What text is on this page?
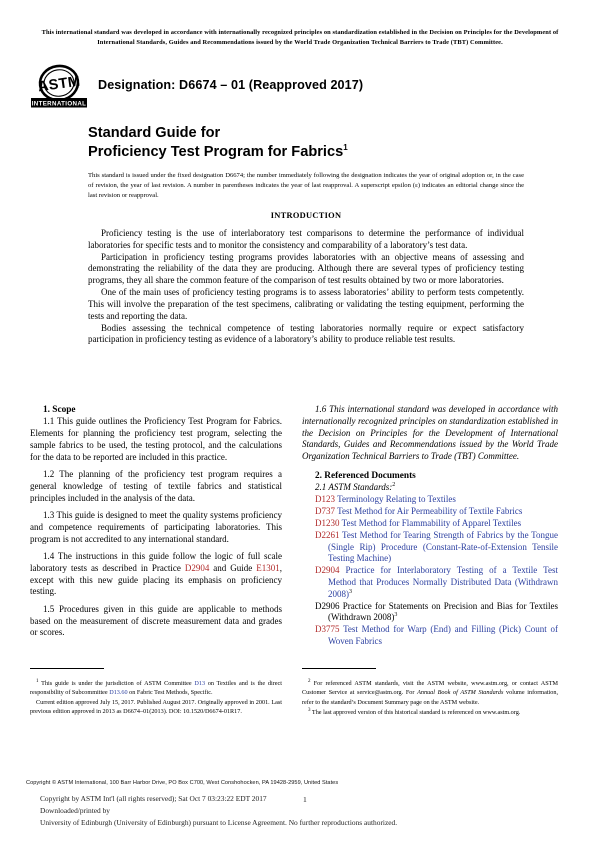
This international standard was developed in accordance with internationally recognized principles on standardization established in the Decision on Principles for the Development of International Standards, Guides and Recommendations issued by the World Trade Organization Technical Barriers to Trade (TBT) Committee.
ASTM
INTERNATIONAL
Designation: D6674 – 01 (Reapproved 2017)
Standard Guide for
Proficiency Test Program for Fabrics$^1$
This standard is issued under the fixed designation D6674; the number immediately following the designation indicates the year of original adoption or, in the case of revision, the year of last revision. A number in parentheses indicates the year of last reapproval. A superscript epsilon (ε) indicates an editorial change since the last revision or reapproval.
INTRODUCTION

Proficiency testing is the use of interlaboratory test comparisons to determine the performance of individual laboratories for specific tests and to monitor the consistency and comparability of a laboratory’s test data.

Participation in proficiency testing programs provides laboratories with an objective means of assessing and demonstrating the reliability of the data they are producing. Although there are several types of proficiency testing programs, they all share the common feature of the comparison of test results obtained by two or more laboratories.

One of the main uses of proficiency testing programs is to assess laboratories’ ability to perform tests competently. This will involve the preparation of the test specimens, calibrating or validating the testing equipment, performing the tests and reporting the data.

Bodies assessing the technical competence of testing laboratories normally require or expect satisfactory participation in proficiency testing as evidence of a laboratory’s ability to produce reliable test results.

1. Scope

1.1 This guide outlines the Proficiency Test Program for Fabrics. Elements for planning the proficiency test program, selecting the sample fabrics to be used, the testing protocol, and the calculations for the data to be reported are included in this practice.

1.2 The planning of the proficiency test program requires a general knowledge of testing of textile fabrics and statistical principles included in the analysis of the data.

1.3 This guide is designed to meet the quality systems proficiency and competence requirements of participating laboratories. This program is not accredited to any international standard.

1.4 The instructions in this guide follow the logic of full scale laboratory tests as described in Practice D2904 and Guide E1301, except with this new guide placing its emphasis on proficiency testing.

1.5 Procedures given in this guide are applicable to methods based on the measurement of discrete measurement data and grades or scores.

1.6 This international standard was developed in accordance with internationally recognized principles on standardization established in the Decision on Principles for the Development of International Standards, Guides and Recommendations issued by the World Trade Organization Technical Barriers to Trade (TBT) Committee.

2. Referenced Documents

2.1 ASTM Standards:$^2$

D123 Terminology Relating to Textiles
D737 Test Method for Air Permeability of Textile Fabrics
D1230 Test Method for Flammability of Apparel Textiles
D2261 Test Method for Tearing Strength of Fabrics by the Tongue (Single Rip) Procedure (Constant-Rate-of-Extension Tensile Testing Machine)
D2904 Practice for Interlaboratory Testing of a Textile Test Method that Produces Normally Distributed Data (Withdrawn 2008)$^3$
D2906 Practice for Statements on Precision and Bias for Textiles (Withdrawn 2008)$^3$
D3775 Test Method for Warp (End) and Filling (Pick) Count of Woven Fabrics

$^1$ This guide is under the jurisdiction of ASTM Committee D13 on Textiles and is the direct responsibility of Subcommittee D13.60 on Fabric Test Methods, Specific.

Current edition approved July 15, 2017. Published August 2017. Originally approved in 2001. Last previous edition approved in 2013 as D6674–01(2013). DOI: 10.1520/D6674-01R17.

$^2$ For referenced ASTM standards, visit the ASTM website, www.astm.org, or contact ASTM Customer Service at service@astm.org. For Annual Book of ASTM Standards volume information, refer to the standard’s Document Summary page on the ASTM website.

$^3$ The last approved version of this historical standard is referenced on www.astm.org.

Copyright © ASTM International, 100 Barr Harbor Drive, PO Box C700, West Conshohocken, PA 19428-2959, United States
Copyright by ASTM Int'l (all rights reserved); Sat Oct 7 03:23:22 EDT 2017
Downloaded/printed by
University of Edinburgh (University of Edinburgh) pursuant to License Agreement. No further reproductions authorized.
1
